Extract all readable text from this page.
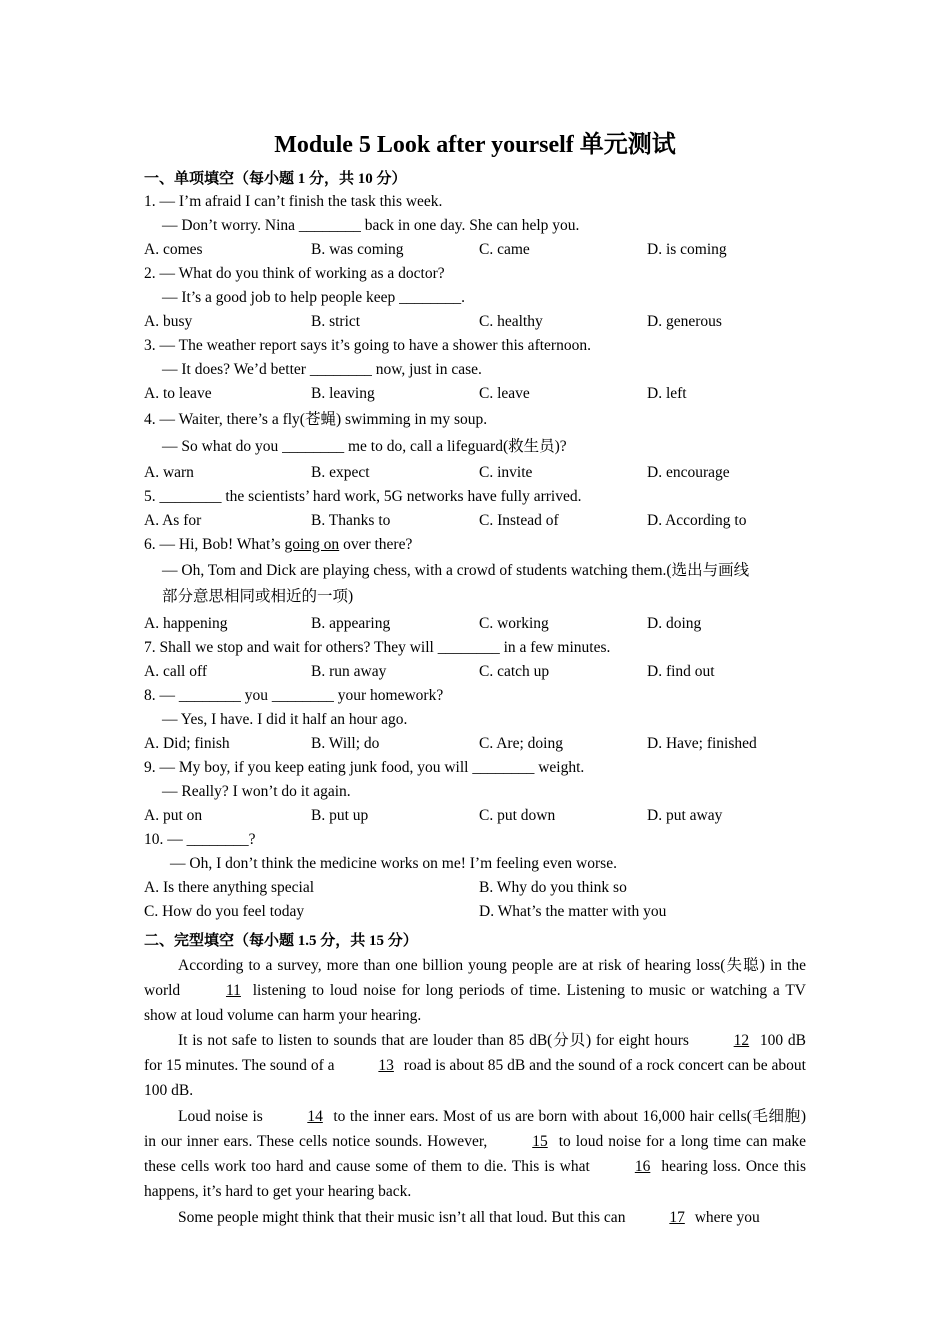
Module 5 Look after yourself 单元测试
一、单项填空（每小题 1 分，共 10 分）
1. — I’m afraid I can’t finish the task this week.
— Don’t worry. Nina ________ back in one day. She can help you.
A. comes	B. was coming	C. came	D. is coming
2. — What do you think of working as a doctor?
— It’s a good job to help people keep ________.
A. busy	B. strict	C. healthy	D. generous
3. — The weather report says it’s going to have a shower this afternoon.
— It does? We’d better ________ now, just in case.
A. to leave	B. leaving	C. leave	D. left
4. — Waiter, there’s a fly(苍蝇) swimming in my soup.
— So what do you ________ me to do, call a lifeguard(救生员)?
A. warn	B. expect	C. invite	D. encourage
5. ________ the scientists’ hard work, 5G networks have fully arrived.
A. As for	B. Thanks to	C. Instead of	D. According to
6. — Hi, Bob! What’s going on over there?
— Oh, Tom and Dick are playing chess, with a crowd of students watching them.(选出与画线
部分意思相同或相近的一项)
A. happening	B. appearing	C. working	D. doing
7. Shall we stop and wait for others? They will ________ in a few minutes.
A. call off	B. run away	C. catch up	D. find out
8. — ________ you ________ your homework?
— Yes, I have. I did it half an hour ago.
A. Did; finish	B. Will; do	C. Are; doing	D. Have; finished
9. — My boy, if you keep eating junk food, you will ________ weight.
— Really? I won’t do it again.
A. put on	B. put up	C. put down	D. put away
10. — ________?
— Oh, I don’t think the medicine works on me! I’m feeling even worse.
A. Is there anything special	B. Why do you think so
C. How do you feel today	D. What’s the matter with you
二、完型填空（每小题 1.5 分，共 15 分）
According to a survey, more than one billion young people are at risk of hearing loss(失聪) in the world	11 listening to loud noise for long periods of time. Listening to music or watching a TV show at loud volume can harm your hearing.
It is not safe to listen to sounds that are louder than 85 dB(分贝) for eight hours	12 100 dB for 15 minutes. The sound of a	13 road is about 85 dB and the sound of a rock concert can be about 100 dB.
Loud noise is	14 to the inner ears. Most of us are born with about 16,000 hair cells(毛细胞) in our inner ears. These cells notice sounds. However,	15 to loud noise for a long time can make these cells work too hard and cause some of them to die. This is what	16 hearing loss. Once this happens, it’s hard to get your hearing back.
Some people might think that their music isn’t all that loud. But this can	17 where you
